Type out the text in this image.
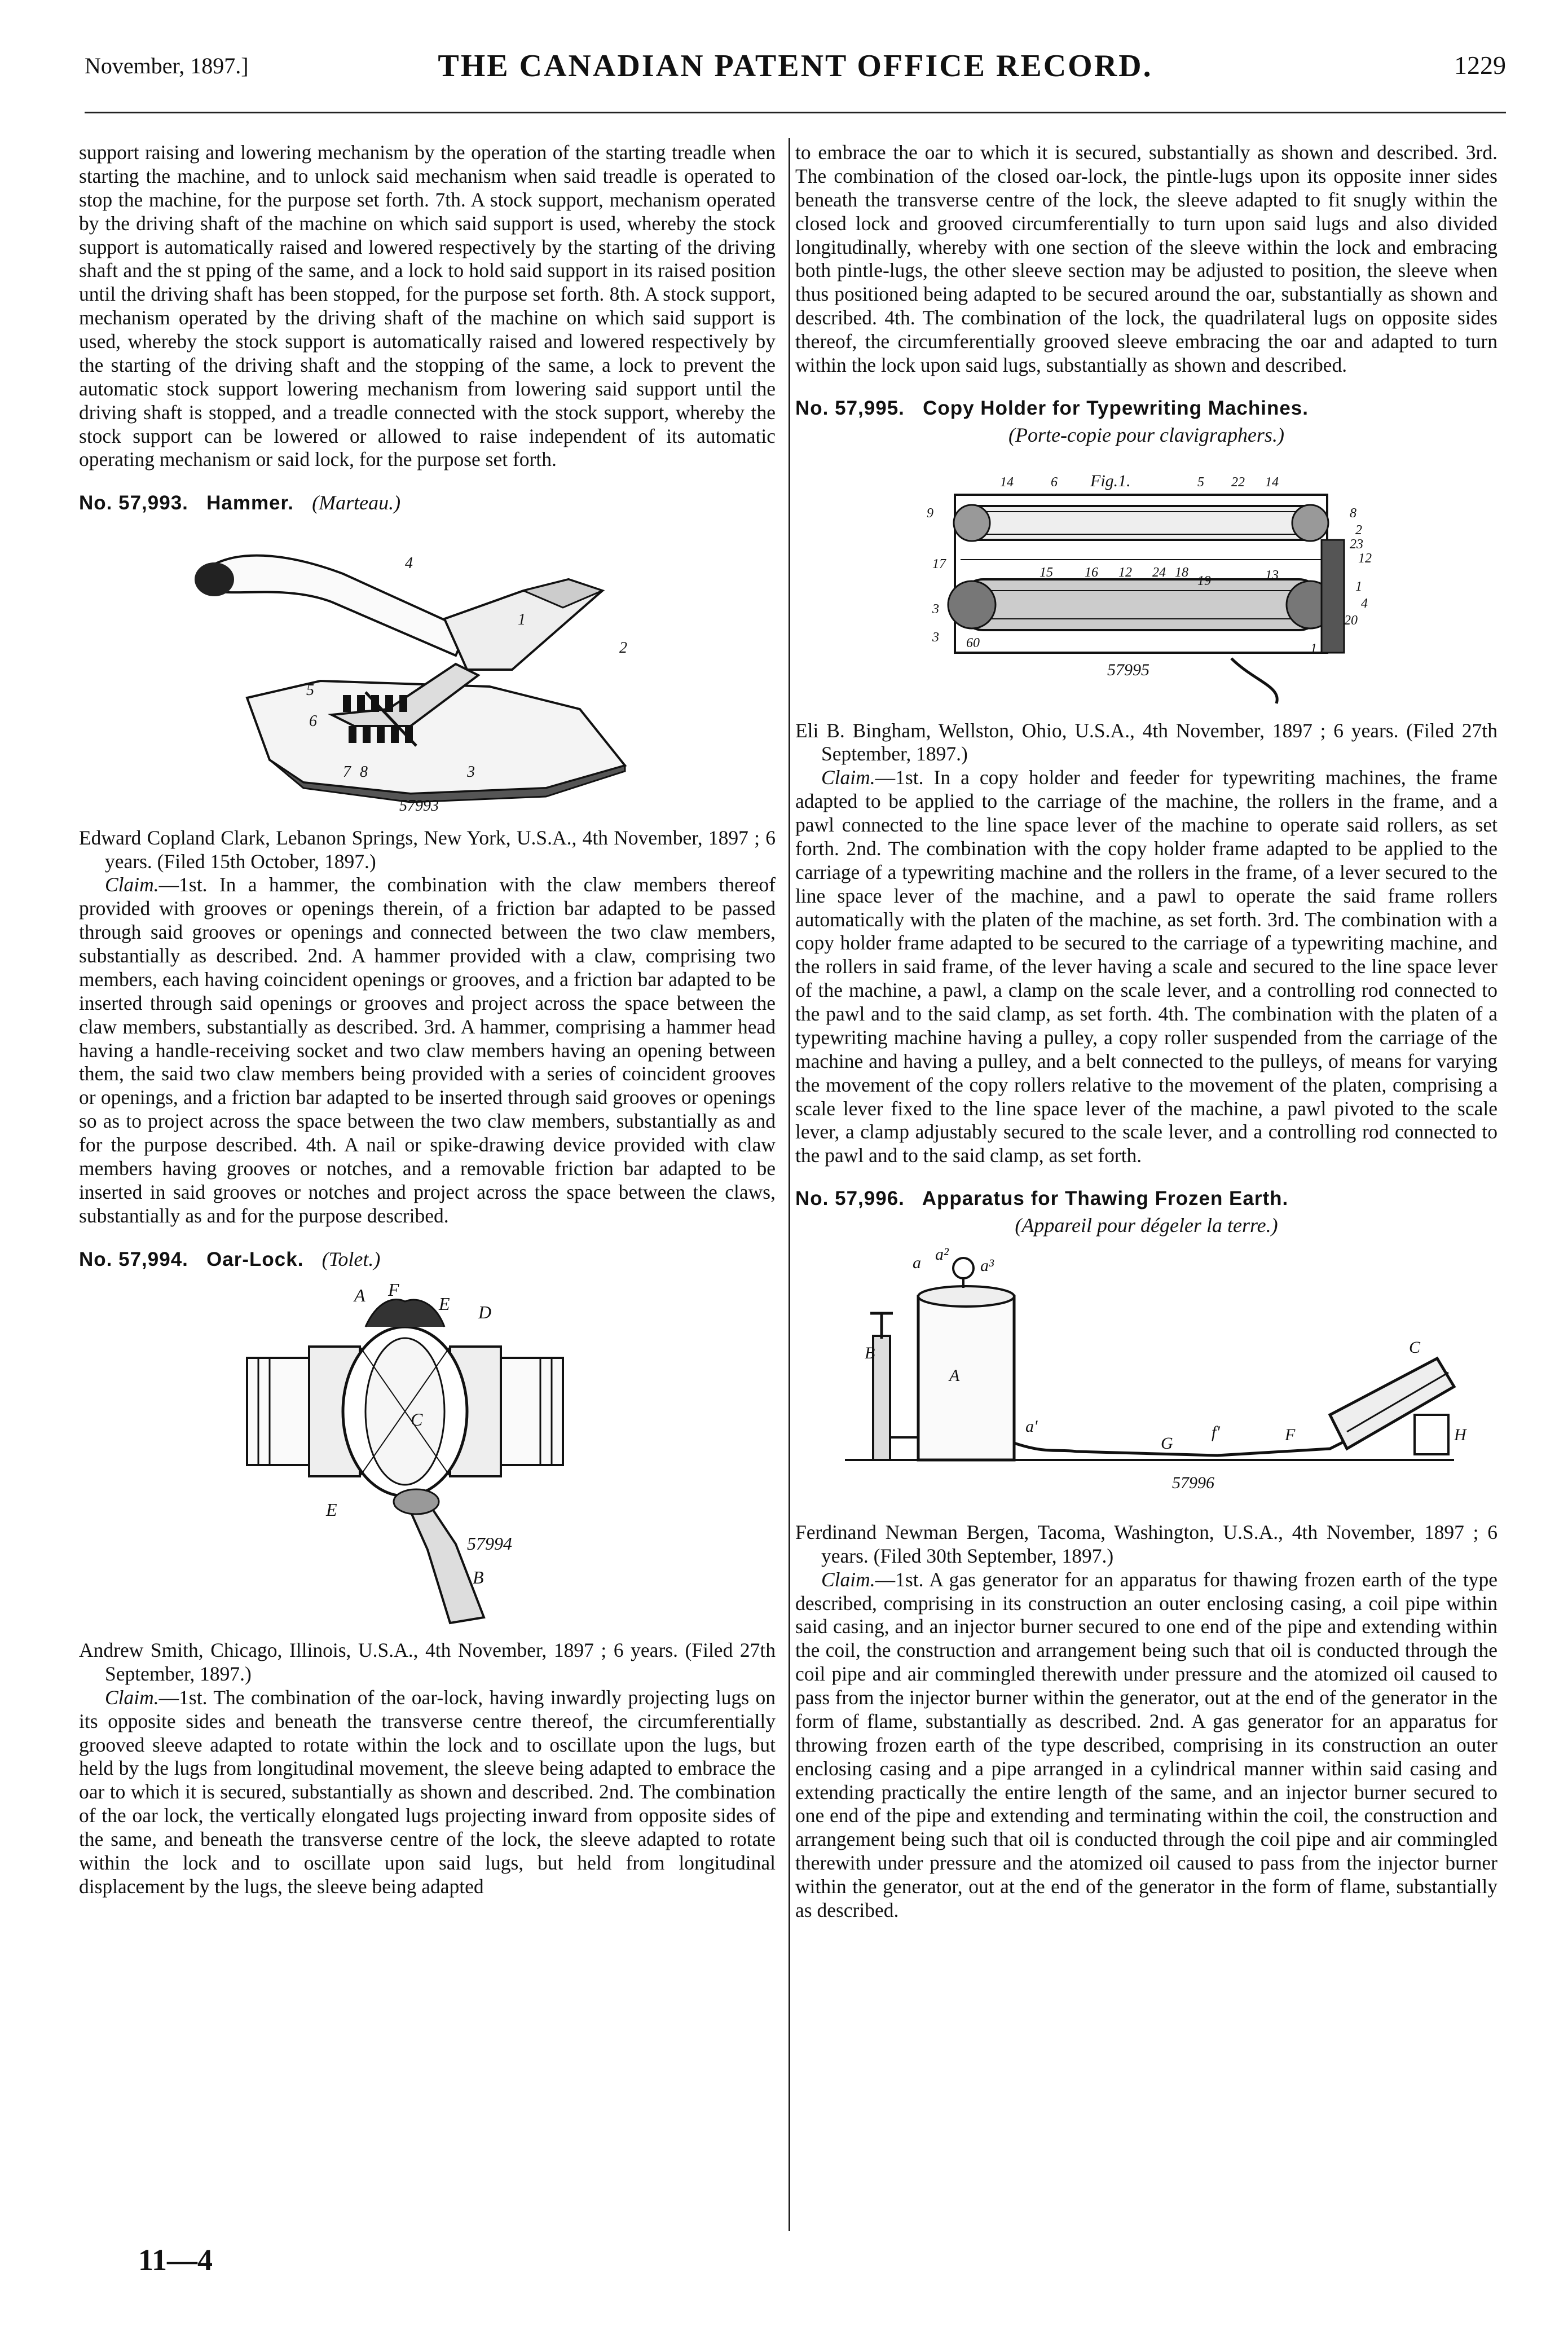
November, 1897.]	THE CANADIAN PATENT OFFICE RECORD.	1229

support raising and lowering mechanism by the operation of the starting treadle when starting the machine, and to unlock said mechanism when said treadle is operated to stop the machine, for the purpose set forth. 7th. A stock support, mechanism operated by the driving shaft of the machine on which said support is used, whereby the stock support is automatically raised and lowered respectively by the starting of the driving shaft and the st pping of the same, and a lock to hold said support in its raised position until the driving shaft has been stopped, for the purpose set forth. 8th. A stock support, mechanism operated by the driving shaft of the machine on which said support is used, whereby the stock support is automatically raised and lowered respectively by the starting of the driving shaft and the stopping of the same, a lock to prevent the automatic stock support lowering mechanism from lowering said support until the driving shaft is stopped, and a treadle connected with the stock support, whereby the stock support can be lowered or allowed to raise independent of its automatic operating mechanism or said lock, for the purpose set forth.

No. 57,993. Hammer. (Marteau.)
4
1
2
5
6
7 8	3
57993

Edward Copland Clark, Lebanon Springs, New York, U.S.A., 4th November, 1897 ; 6 years. (Filed 15th October, 1897.)

Claim.—1st. In a hammer, the combination with the claw members thereof provided with grooves or openings therein, of a friction bar adapted to be passed through said grooves or openings and connected between the two claw members, substantially as described. 2nd. A hammer provided with a claw, comprising two members, each having coincident openings or grooves, and a friction bar adapted to be inserted through said openings or grooves and project across the space between the claw members, substantially as described. 3rd. A hammer, comprising a hammer head having a handle-receiving socket and two claw members having an opening between them, the said two claw members being provided with a series of coincident grooves or openings, and a friction bar adapted to be inserted through said grooves or openings so as to project across the space between the two claw members, substantially as and for the purpose described. 4th. A nail or spike-drawing device provided with claw members having grooves or notches, and a removable friction bar adapted to be inserted in said grooves or notches and project across the space between the claws, substantially as and for the purpose described.

No. 57,994. Oar-Lock. (Tolet.)
A F
E D
C
E
B
57994

Andrew Smith, Chicago, Illinois, U.S.A., 4th November, 1897 ; 6 years. (Filed 27th September, 1897.)

Claim.—1st. The combination of the oar-lock, having inwardly projecting lugs on its opposite sides and beneath the transverse centre thereof, the circumferentially grooved sleeve adapted to rotate within the lock and to oscillate upon the lugs, but held by the lugs from longitudinal movement, the sleeve being adapted to embrace the oar to which it is secured, substantially as shown and described. 2nd. The combination of the oar lock, the vertically elongated lugs projecting inward from opposite sides of the same, and beneath the transverse centre of the lock, the sleeve adapted to rotate within the lock and to oscillate upon said lugs, but held from longitudinal displacement by the lugs, the sleeve being adapted

to embrace the oar to which it is secured, substantially as shown and described. 3rd. The combination of the closed oar-lock, the pintle-lugs upon its opposite inner sides beneath the transverse centre of the lock, the sleeve adapted to fit snugly within the closed lock and grooved circumferentially to turn upon said lugs and also divided longitudinally, whereby with one section of the sleeve within the lock and embracing both pintle-lugs, the other sleeve section may be adjusted to position, the sleeve when thus positioned being adapted to be secured around the oar, substantially as shown and described. 4th. The combination of the lock, the quadrilateral lugs on opposite sides thereof, the circumferentially grooved sleeve embracing the oar and adapted to turn within the lock upon said lugs, substantially as shown and described.

No. 57,995. Copy Holder for Typewriting Machines.
(Porte-copie pour clavigraphers.)
Fig.1.
14	6	5 22 14
9	8
2
23
12
15
17
16 12 24 18
19	13
1
4
3
20
3 60	1
57995

Eli B. Bingham, Wellston, Ohio, U.S.A., 4th November, 1897 ; 6 years. (Filed 27th September, 1897.)

Claim.—1st. In a copy holder and feeder for typewriting machines, the frame adapted to be applied to the carriage of the machine, the rollers in the frame, and a pawl connected to the line space lever of the machine to operate said rollers, as set forth. 2nd. The combination with the copy holder frame adapted to be applied to the carriage of a typewriting machine and the rollers in the frame, of a lever secured to the line space lever of the machine, and a pawl to operate the said frame rollers automatically with the platen of the machine, as set forth. 3rd. The combination with a copy holder frame adapted to be secured to the carriage of a typewriting machine, and the rollers in said frame, of the lever having a scale and secured to the line space lever of the machine, a pawl, a clamp on the scale lever, and a controlling rod connected to the pawl and to the said clamp, as set forth. 4th. The combination with the platen of a typewriting machine having a pulley, a copy roller suspended from the carriage of the machine and having a pulley, and a belt connected to the pulleys, of means for varying the movement of the copy rollers relative to the movement of the platen, comprising a scale lever fixed to the line space lever of the machine, a pawl pivoted to the scale lever, a clamp adjustably secured to the scale lever, and a controlling rod connected to the pawl and to the said clamp, as set forth.

No. 57,996. Apparatus for Thawing Frozen Earth.
(Appareil pour dégeler la terre.)
a a²
a³
B
A
a'
G
f'	F
C
H
57996

Ferdinand Newman Bergen, Tacoma, Washington, U.S.A., 4th November, 1897 ; 6 years. (Filed 30th September, 1897.)

Claim.—1st. A gas generator for an apparatus for thawing frozen earth of the type described, comprising in its construction an outer enclosing casing, a coil pipe within said casing, and an injector burner secured to one end of the pipe and extending within the coil, the construction and arrangement being such that oil is conducted through the coil pipe and air commingled therewith under pressure and the atomized oil caused to pass from the injector burner within the generator, out at the end of the generator in the form of flame, substantially as described. 2nd. A gas generator for an apparatus for throwing frozen earth of the type described, comprising in its construction an outer enclosing casing and a pipe arranged in a cylindrical manner within said casing and extending practically the entire length of the same, and an injector burner secured to one end of the pipe and extending and terminating within the coil, the construction and arrangement being such that oil is conducted through the coil pipe and air commingled therewith under pressure and the atomized oil caused to pass from the injector burner within the generator, out at the end of the generator in the form of flame, substantially as described.

11—4
